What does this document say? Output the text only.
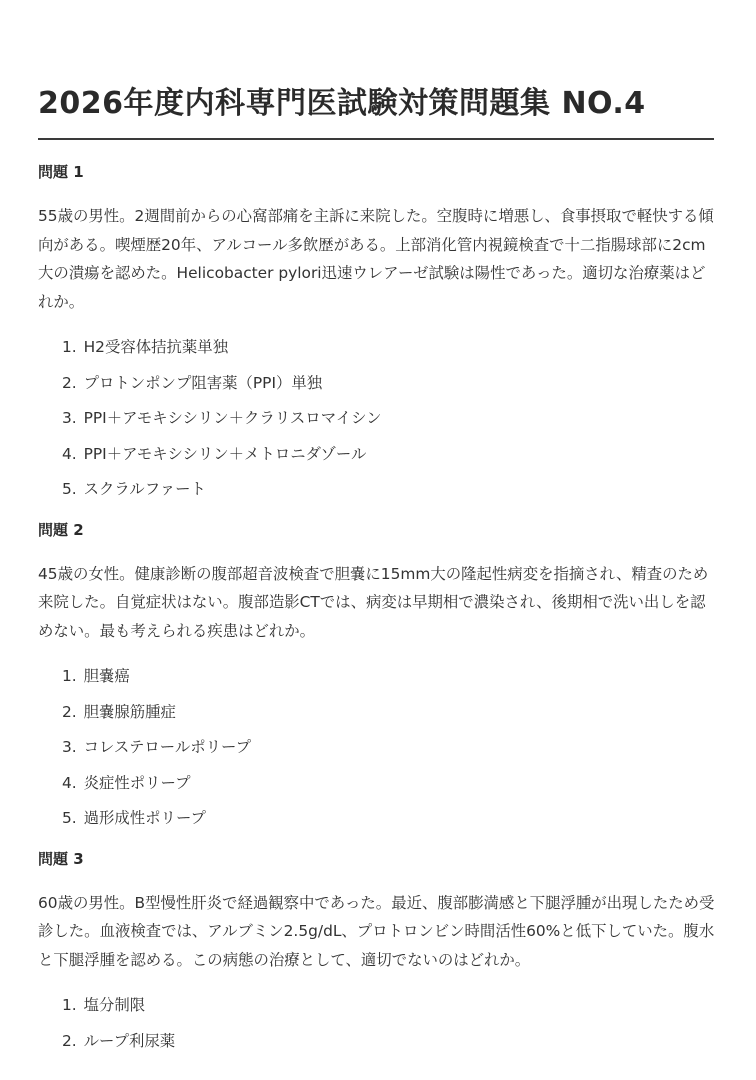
2026年度内科専門医試験対策問題集 NO.4
問題 1

55歳の男性。2週間前からの心窩部痛を主訴に来院した。空腹時に増悪し、食事摂取で軽快する傾向がある。喫煙歴20年、アルコール多飲歴がある。上部消化管内視鏡検査で十二指腸球部に2cm大の潰瘍を認めた。Helicobacter pylori迅速ウレアーゼ試験は陽性であった。適切な治療薬はどれか。

1. H2受容体拮抗薬単独
2. プロトンポンプ阻害薬（PPI）単独
3. PPI＋アモキシシリン＋クラリスロマイシン
4. PPI＋アモキシシリン＋メトロニダゾール
5. スクラルファート
問題 2

45歳の女性。健康診断の腹部超音波検査で胆嚢に15mm大の隆起性病変を指摘され、精査のため来院した。自覚症状はない。腹部造影CTでは、病変は早期相で濃染され、後期相で洗い出しを認めない。最も考えられる疾患はどれか。

1. 胆嚢癌
2. 胆嚢腺筋腫症
3. コレステロールポリープ
4. 炎症性ポリープ
5. 過形成性ポリープ
問題 3

60歳の男性。B型慢性肝炎で経過観察中であった。最近、腹部膨満感と下腿浮腫が出現したため受診した。血液検査では、アルブミン2.5g/dL、プロトロンビン時間活性60%と低下していた。腹水と下腿浮腫を認める。この病態の治療として、適切でないのはどれか。

1. 塩分制限
2. ループ利尿薬
